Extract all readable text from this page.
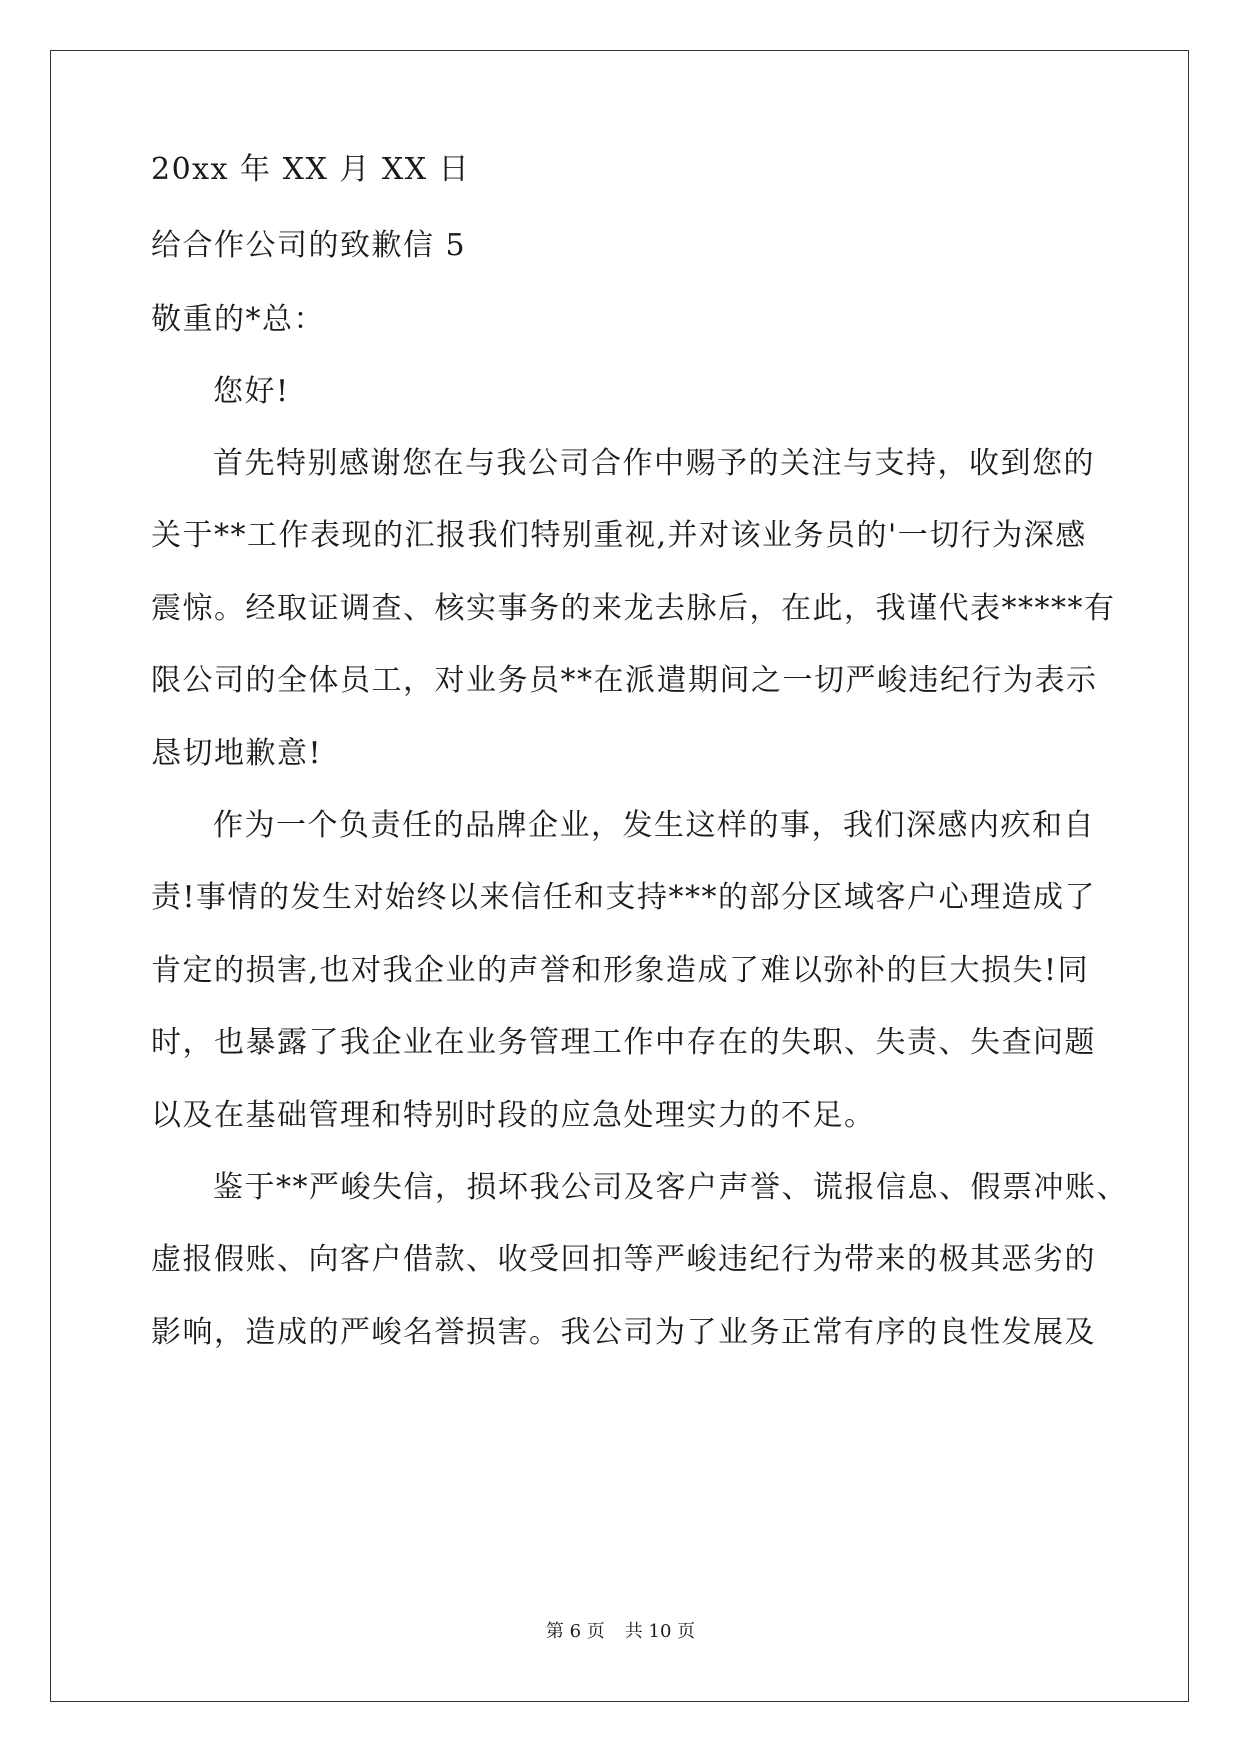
20xx 年 XX 月 XX 日
给合作公司的致歉信 5
敬重的*总：
您好!
首先特别感谢您在与我公司合作中赐予的关注与支持，收到您的
关于**工作表现的汇报我们特别重视,并对该业务员的'一切行为深感
震惊。经取证调查、核实事务的来龙去脉后，在此，我谨代表*****有
限公司的全体员工，对业务员**在派遣期间之一切严峻违纪行为表示
恳切地歉意!
作为一个负责任的品牌企业，发生这样的事，我们深感内疚和自
责!事情的发生对始终以来信任和支持***的部分区域客户心理造成了
肯定的损害,也对我企业的声誉和形象造成了难以弥补的巨大损失!同
时，也暴露了我企业在业务管理工作中存在的失职、失责、失查问题
以及在基础管理和特别时段的应急处理实力的不足。
鉴于**严峻失信，损坏我公司及客户声誉、谎报信息、假票冲账、
虚报假账、向客户借款、收受回扣等严峻违纪行为带来的极其恶劣的
影响，造成的严峻名誉损害。我公司为了业务正常有序的良性发展及
第 6 页 共 10 页
